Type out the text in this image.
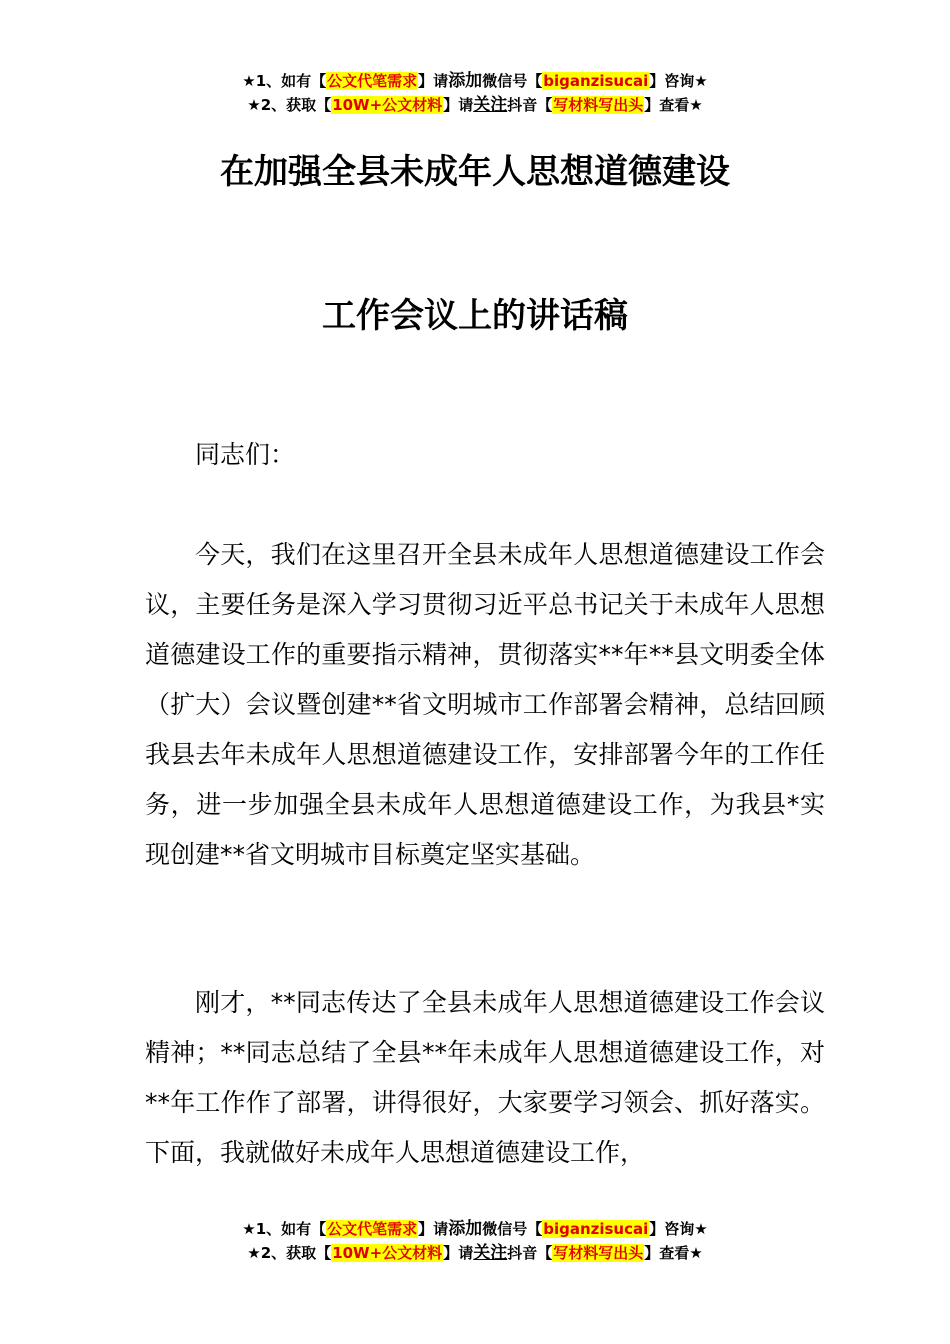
★1、如有【公文代笔需求】请添加微信号【biganzisucai】咨询★
★2、获取【10W+公文材料】请关注抖音【写材料写出头】查看★
在加强全县未成年人思想道德建设
工作会议上的讲话稿

同志们：

今天，我们在这里召开全县未成年人思想道德建设工作会议，主要任务是深入学习贯彻习近平总书记关于未成年人思想道德建设工作的重要指示精神，贯彻落实**年**县文明委全体（扩大）会议暨创建**省文明城市工作部署会精神，总结回顾我县去年未成年人思想道德建设工作，安排部署今年的工作任务，进一步加强全县未成年人思想道德建设工作，为我县*实现创建**省文明城市目标奠定坚实基础。

刚才，**同志传达了全县未成年人思想道德建设工作会议精神；**同志总结了全县**年未成年人思想道德建设工作，对**年工作作了部署，讲得很好，大家要学习领会、抓好落实。下面，我就做好未成年人思想道德建设工作，

★1、如有【公文代笔需求】请添加微信号【biganzisucai】咨询★
★2、获取【10W+公文材料】请关注抖音【写材料写出头】查看★
